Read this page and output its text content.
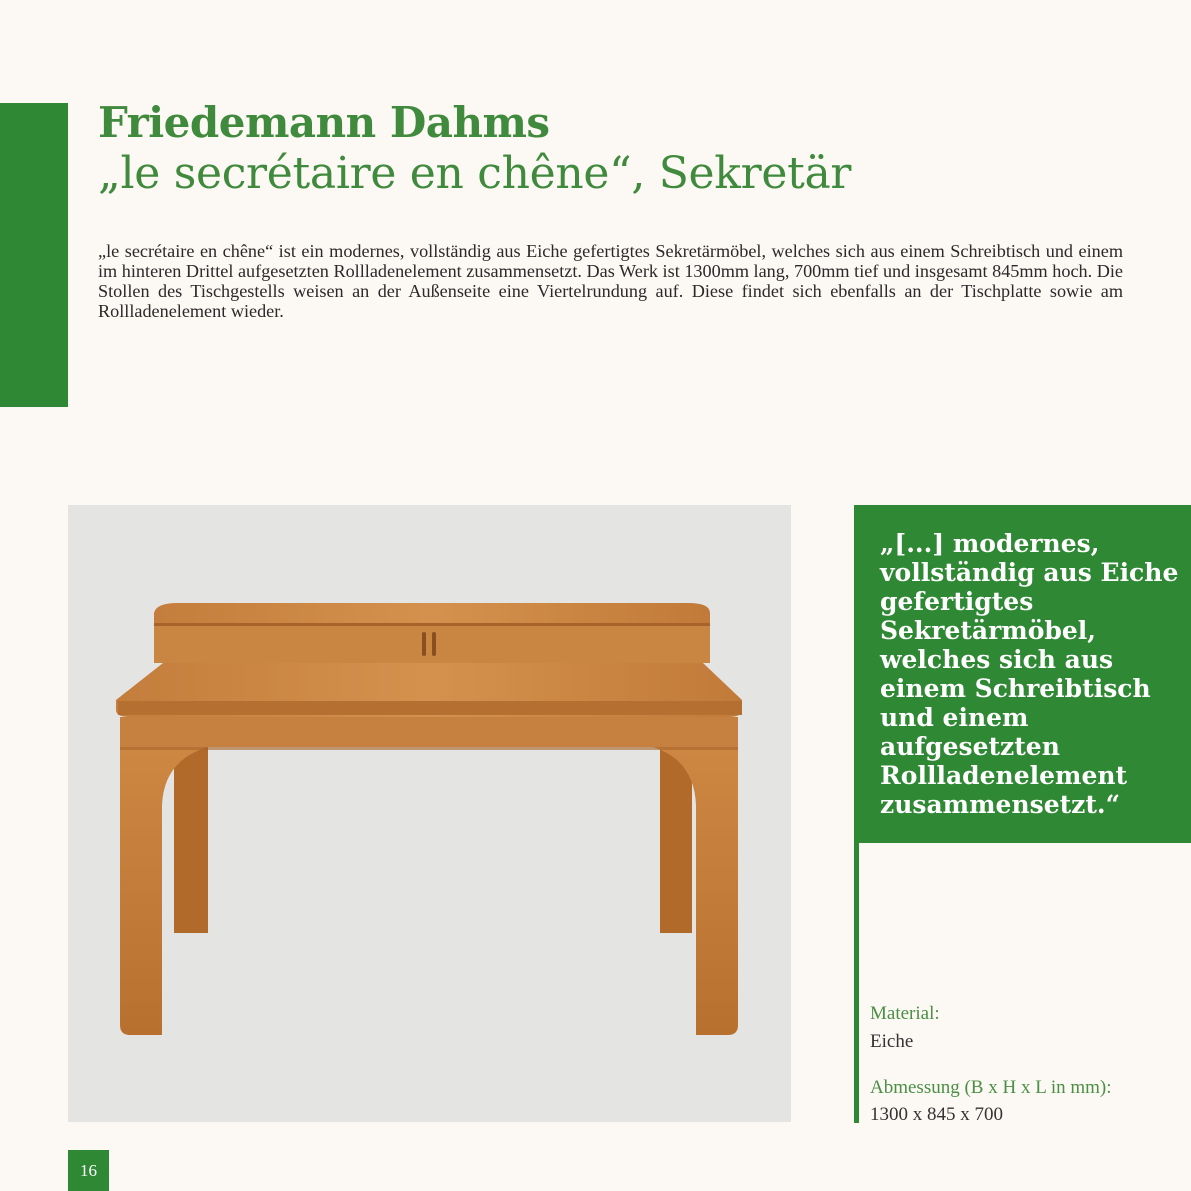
Friedemann Dahms
„le secrétaire en chêne“, Sekretär

„le secrétaire en chêne“ ist ein modernes, vollständig aus Eiche gefertigtes Sekretärmöbel, welches sich aus einem Schreibtisch und einem im hinteren Drittel aufgesetzten Rollladenelement zusammensetzt. Das Werk ist 1300mm lang, 700mm tief und insgesamt 845mm hoch. Die Stollen des Tischgestells weisen an der Außenseite eine Viertelrundung auf. Diese findet sich ebenfalls an der Tischplatte sowie am Rollladenelement wieder.

„[...] modernes, vollständig aus Eiche gefertigtes Sekretärmöbel, welches sich aus einem Schreibtisch und einem aufgesetzten Rollladenelement zusammensetzt.“

Material:

Eiche

Abmessung (B x H x L in mm):

1300 x 845 x 700

16
